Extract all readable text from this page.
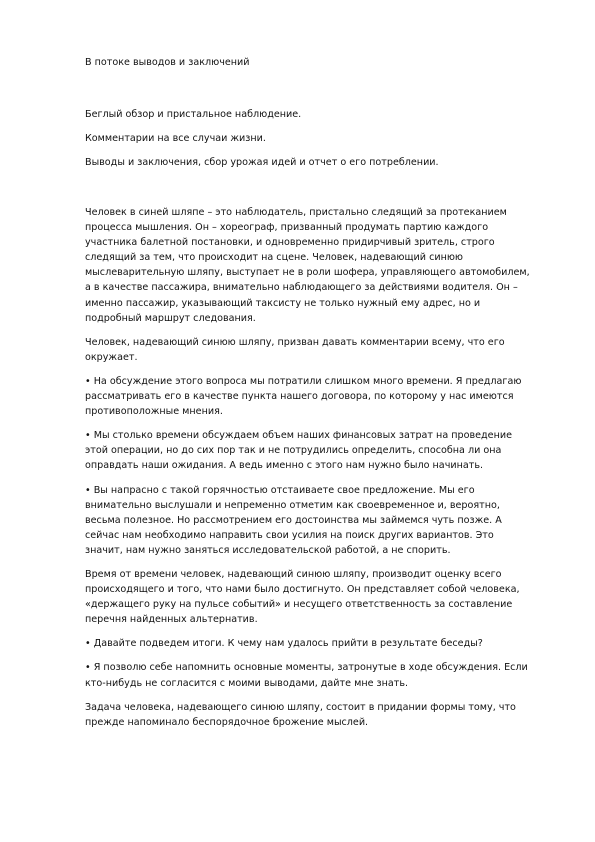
В потоке выводов и заключений

Беглый обзор и пристальное наблюдение.

Комментарии на все случаи жизни.

Выводы и заключения, сбор урожая идей и отчет о его потреблении.

Человек в синей шляпе – это наблюдатель, пристально следящий за протеканием процесса мышления. Он – хореограф, призванный продумать партию каждого участника балетной постановки, и одновременно придирчивый зритель, строго следящий за тем, что происходит на сцене. Человек, надевающий синюю мыслеварительную шляпу, выступает не в роли шофера, управляющего автомобилем, а в качестве пассажира, внимательно наблюдающего за действиями водителя. Он – именно пассажир, указывающий таксисту не только нужный ему адрес, но и подробный маршрут следования.

Человек, надевающий синюю шляпу, призван давать комментарии всему, что его окружает.

• На обсуждение этого вопроса мы потратили слишком много времени. Я предлагаю рассматривать его в качестве пункта нашего договора, по которому у нас имеются противоположные мнения.

• Мы столько времени обсуждаем объем наших финансовых затрат на проведение этой операции, но до сих пор так и не потрудились определить, способна ли она оправдать наши ожидания. А ведь именно с этого нам нужно было начинать.

• Вы напрасно с такой горячностью отстаиваете свое предложение. Мы его внимательно выслушали и непременно отметим как своевременное и, вероятно, весьма полезное. Но рассмотрением его достоинства мы займемся чуть позже. А сейчас нам необходимо направить свои усилия на поиск других вариантов. Это значит, нам нужно заняться исследовательской работой, а не спорить.

Время от времени человек, надевающий синюю шляпу, производит оценку всего происходящего и того, что нами было достигнуто. Он представляет собой человека, «держащего руку на пульсе событий» и несущего ответственность за составление перечня найденных альтернатив.

• Давайте подведем итоги. К чему нам удалось прийти в результате беседы?

• Я позволю себе напомнить основные моменты, затронутые в ходе обсуждения. Если кто-нибудь не согласится с моими выводами, дайте мне знать.

Задача человека, надевающего синюю шляпу, состоит в придании формы тому, что прежде напоминало беспорядочное брожение мыслей.
